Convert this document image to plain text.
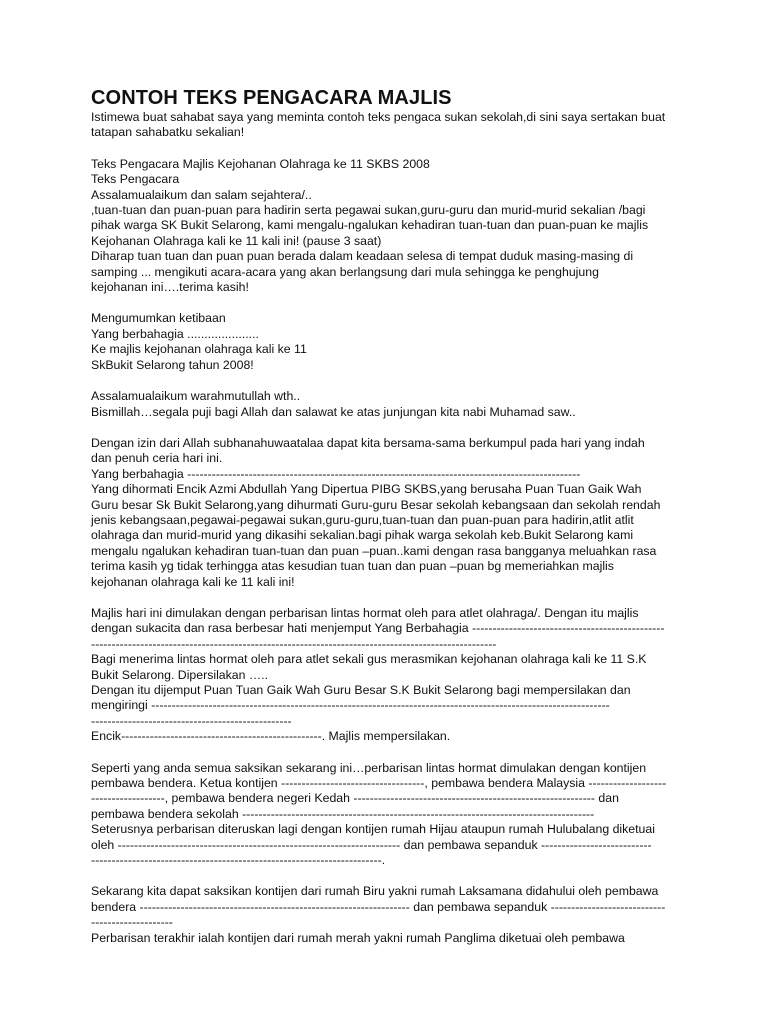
CONTOH TEKS PENGACARA MAJLIS
Istimewa buat sahabat saya yang meminta contoh teks pengaca sukan sekolah,di sini saya sertakan buat
tatapan sahabatku sekalian!
Teks Pengacara Majlis Kejohanan Olahraga ke 11 SKBS 2008
Teks Pengacara
Assalamualaikum dan salam sejahtera/..
,tuan-tuan dan puan-puan para hadirin serta pegawai sukan,guru-guru dan murid-murid sekalian /bagi
pihak warga SK Bukit Selarong, kami mengalu-ngalukan kehadiran tuan-tuan dan puan-puan ke majlis
Kejohanan Olahraga kali ke 11 kali ini! (pause 3 saat)
Diharap tuan tuan dan puan puan berada dalam keadaan selesa di tempat duduk masing-masing di
samping ... mengikuti acara-acara yang akan berlangsung dari mula sehingga ke penghujung
kejohanan ini….terima kasih!
Mengumumkan ketibaan
Yang berbahagia .....................
Ke majlis kejohanan olahraga kali ke 11
SkBukit Selarong tahun 2008!
Assalamualaikum warahmutullah wth..
Bismillah…segala puji bagi Allah dan salawat ke atas junjungan kita nabi Muhamad saw..
Dengan izin dari Allah subhanahuwaatalaa dapat kita bersama-sama berkumpul pada hari yang indah
dan penuh ceria hari ini.
Yang berbahagia ------------------------------------------------------------------------------------------------
Yang dihormati Encik Azmi Abdullah Yang Dipertua PIBG SKBS,yang berusaha Puan Tuan Gaik Wah
Guru besar Sk Bukit Selarong,yang dihurmati Guru-guru Besar sekolah kebangsaan dan sekolah rendah
jenis kebangsaan,pegawai-pegawai sukan,guru-guru,tuan-tuan dan puan-puan para hadirin,atlit atlit
olahraga dan murid-murid yang dikasihi sekalian.bagi pihak warga sekolah keb.Bukit Selarong kami
mengalu ngalukan kehadiran tuan-tuan dan puan –puan..kami dengan rasa bangganya meluahkan rasa
terima kasih yg tidak terhingga atas kesudian tuan tuan dan puan –puan bg memeriahkan majlis
kejohanan olahraga kali ke 11 kali ini!
Majlis hari ini dimulakan dengan perbarisan lintas hormat oleh para atlet olahraga/. Dengan itu majlis
dengan sukacita dan rasa berbesar hati menjemput Yang Berbahagia -----------------------------------------------
---------------------------------------------------------------------------------------------------
Bagi menerima lintas hormat oleh para atlet sekali gus merasmikan kejohanan olahraga kali ke 11 S.K
Bukit Selarong. Dipersilakan …..
Dengan itu dijemput Puan Tuan Gaik Wah Guru Besar S.K Bukit Selarong bagi mempersilakan dan
mengiringi ----------------------------------------------------------------------------------------------------------------
-------------------------------------------------
Encik-------------------------------------------------. Majlis mempersilakan.
Seperti yang anda semua saksikan sekarang ini…perbarisan lintas hormat dimulakan dengan kontijen
pembawa bendera. Ketua kontijen -----------------------------------, pembawa bendera Malaysia -------------------
------------------, pembawa bendera negeri Kedah ----------------------------------------------------------- dan
pembawa bendera sekolah --------------------------------------------------------------------------------------
Seterusnya perbarisan diteruskan lagi dengan kontijen rumah Hijau ataupun rumah Hulubalang diketuai
oleh --------------------------------------------------------------------- dan pembawa sepanduk ---------------------------
-----------------------------------------------------------------------.
Sekarang kita dapat saksikan kontijen dari rumah Biru yakni rumah Laksamana didahului oleh pembawa
bendera ------------------------------------------------------------------ dan pembawa sepanduk ----------------------------
--------------------
Perbarisan terakhir ialah kontijen dari rumah merah yakni rumah Panglima diketuai oleh pembawa
